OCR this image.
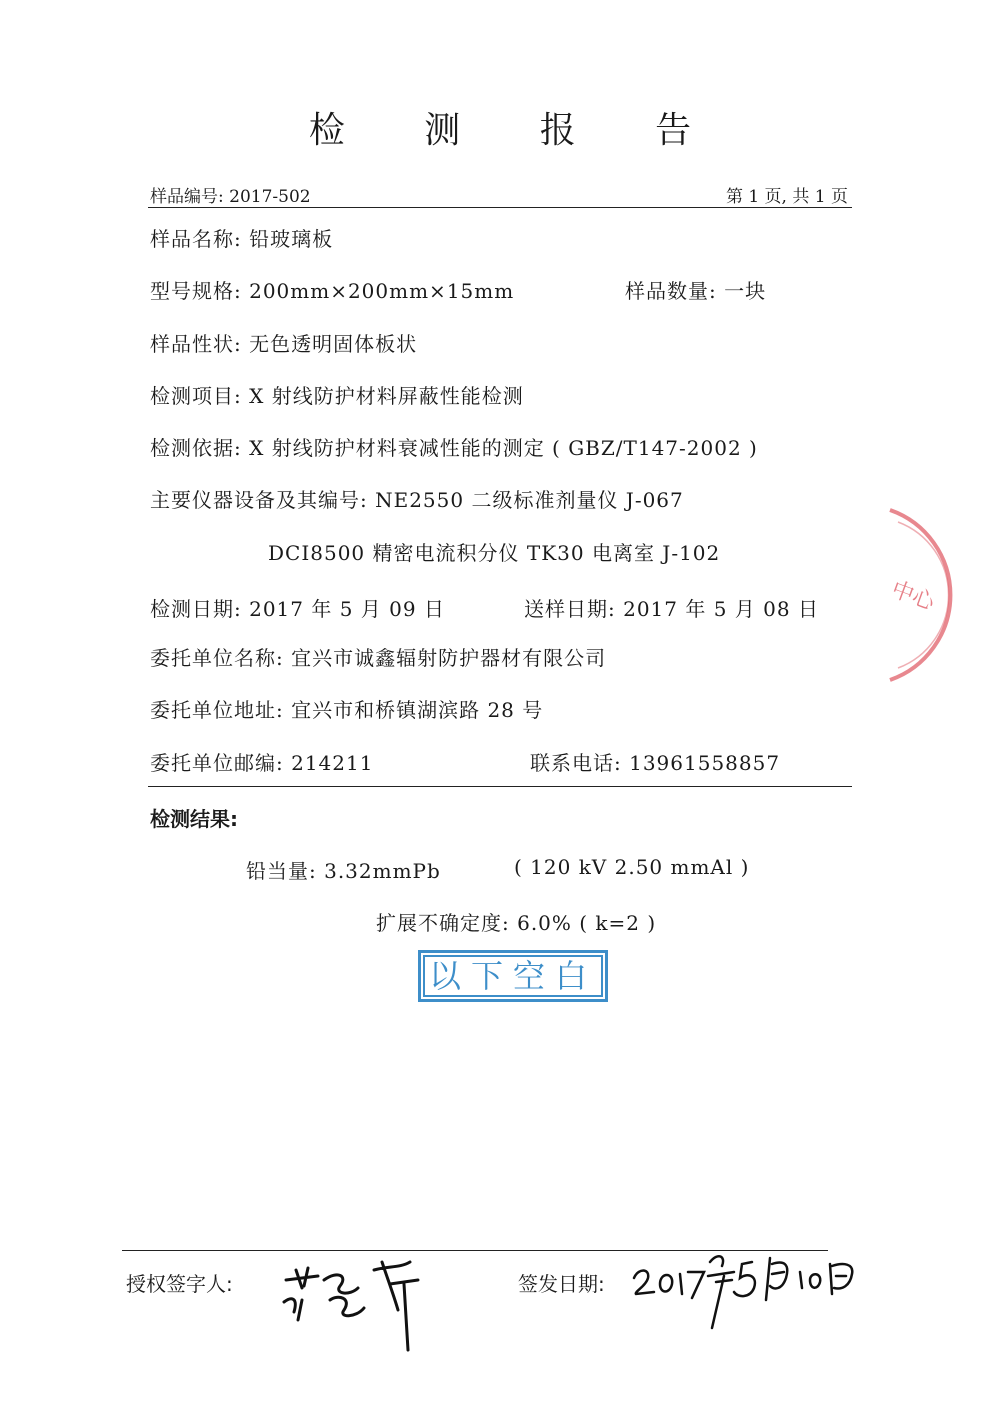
检 测 报 告
样品编号: 2017-502	第 1 页, 共 1 页
样品名称: 铅玻璃板
型号规格: 200mm×200mm×15mm	样品数量: 一块
样品性状: 无色透明固体板状
检测项目: X 射线防护材料屏蔽性能检测
检测依据: X 射线防护材料衰减性能的测定 ( GBZ/T147-2002 )
主要仪器设备及其编号: NE2550 二级标准剂量仪 J-067
DCI8500 精密电流积分仪 TK30 电离室 J-102
检测日期: 2017 年 5 月 09 日	送样日期: 2017 年 5 月 08 日
委托单位名称: 宜兴市诚鑫辐射防护器材有限公司
委托单位地址: 宜兴市和桥镇湖滨路 28 号
委托单位邮编: 214211	联系电话: 13961558857
检测结果:
铅当量: 3.32mmPb	( 120 kV 2.50 mmAl )
扩展不确定度: 6.0% ( k=2 )
以下空白
中心
授权签字人:	签发日期:
